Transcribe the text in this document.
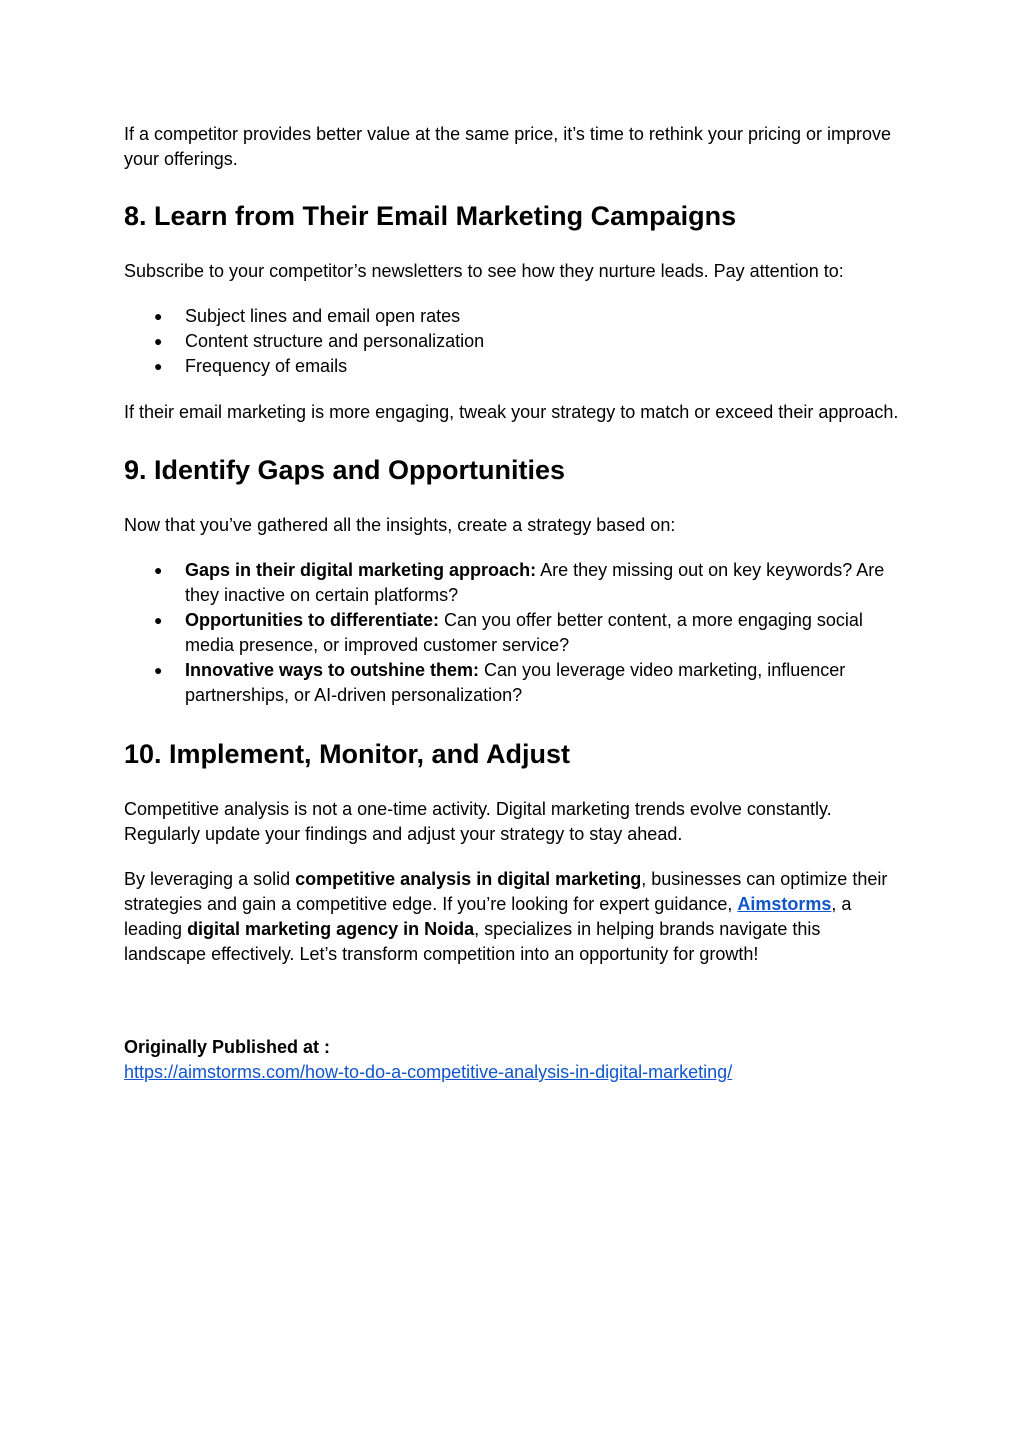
If a competitor provides better value at the same price, it’s time to rethink your pricing or improve your offerings.

8. Learn from Their Email Marketing Campaigns

Subscribe to your competitor’s newsletters to see how they nurture leads. Pay attention to:

● Subject lines and email open rates
● Content structure and personalization
● Frequency of emails

If their email marketing is more engaging, tweak your strategy to match or exceed their approach.

9. Identify Gaps and Opportunities

Now that you’ve gathered all the insights, create a strategy based on:

● Gaps in their digital marketing approach: Are they missing out on key keywords? Are they inactive on certain platforms?
● Opportunities to differentiate: Can you offer better content, a more engaging social media presence, or improved customer service?
● Innovative ways to outshine them: Can you leverage video marketing, influencer partnerships, or AI-driven personalization?
10. Implement, Monitor, and Adjust

Competitive analysis is not a one-time activity. Digital marketing trends evolve constantly. Regularly update your findings and adjust your strategy to stay ahead.

By leveraging a solid competitive analysis in digital marketing, businesses can optimize their strategies and gain a competitive edge. If you’re looking for expert guidance, Aimstorms, a leading digital marketing agency in Noida, specializes in helping brands navigate this landscape effectively. Let’s transform competition into an opportunity for growth!

Originally Published at :

https://aimstorms.com/how-to-do-a-competitive-analysis-in-digital-marketing/
